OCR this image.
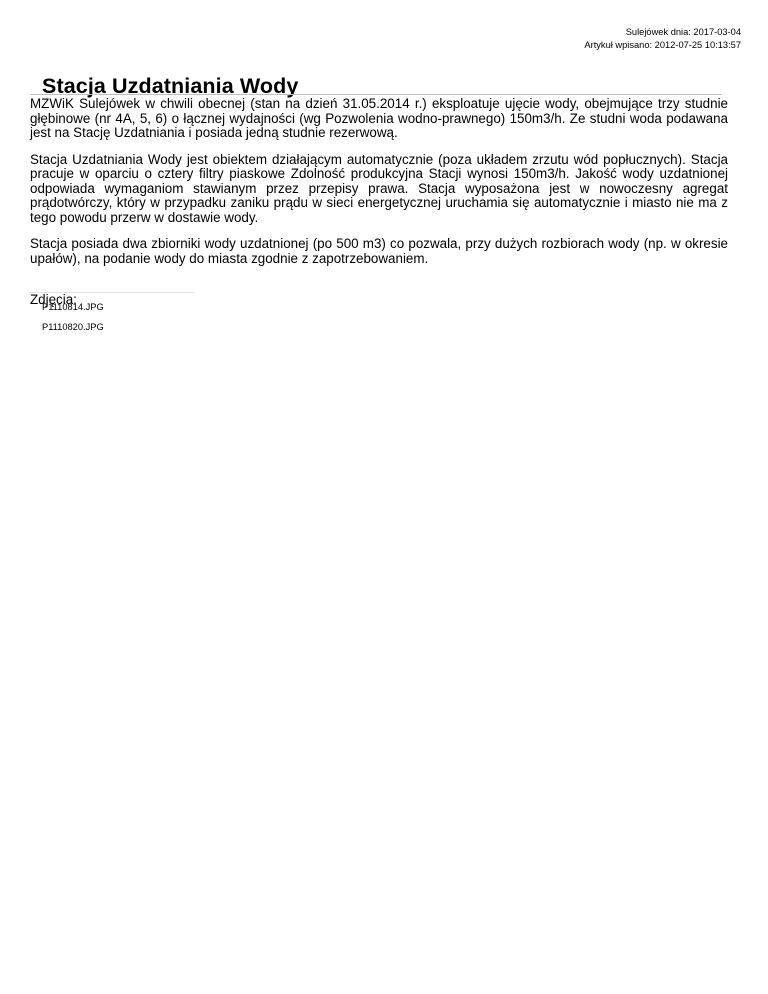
Sulejówek dnia: 2017-03-04
Artykuł wpisano: 2012-07-25 10:13:57
Stacja Uzdatniania Wody

MZWiK Sulejówek w chwili obecnej (stan na dzień 31.05.2014 r.) eksploatuje ujęcie wody, obejmujące trzy studnie głębinowe (nr 4A, 5, 6) o łącznej wydajności (wg Pozwolenia wodno-prawnego) 150m3/h. Ze studni woda podawana jest na Stację Uzdatniania i posiada jedną studnie rezerwową.

Stacja Uzdatniania Wody jest obiektem działającym automatycznie (poza układem zrzutu wód popłucznych). Stacja pracuje w oparciu o cztery filtry piaskowe Zdolność produkcyjna Stacji wynosi 150m3/h. Jakość wody uzdatnionej odpowiada wymaganiom stawianym przez przepisy prawa. Stacja wyposażona jest w nowoczesny agregat prądotwórczy, który w przypadku zaniku prądu w sieci energetycznej uruchamia się automatycznie i miasto nie ma z tego powodu przerw w dostawie wody.

Stacja posiada dwa zbiorniki wody uzdatnionej (po 500 m3) co pozwala, przy dużych rozbiorach wody (np. w okresie upałów), na podanie wody do miasta zgodnie z zapotrzebowaniem.

Zdjęcia:
P1110814.JPG
P1110820.JPG
